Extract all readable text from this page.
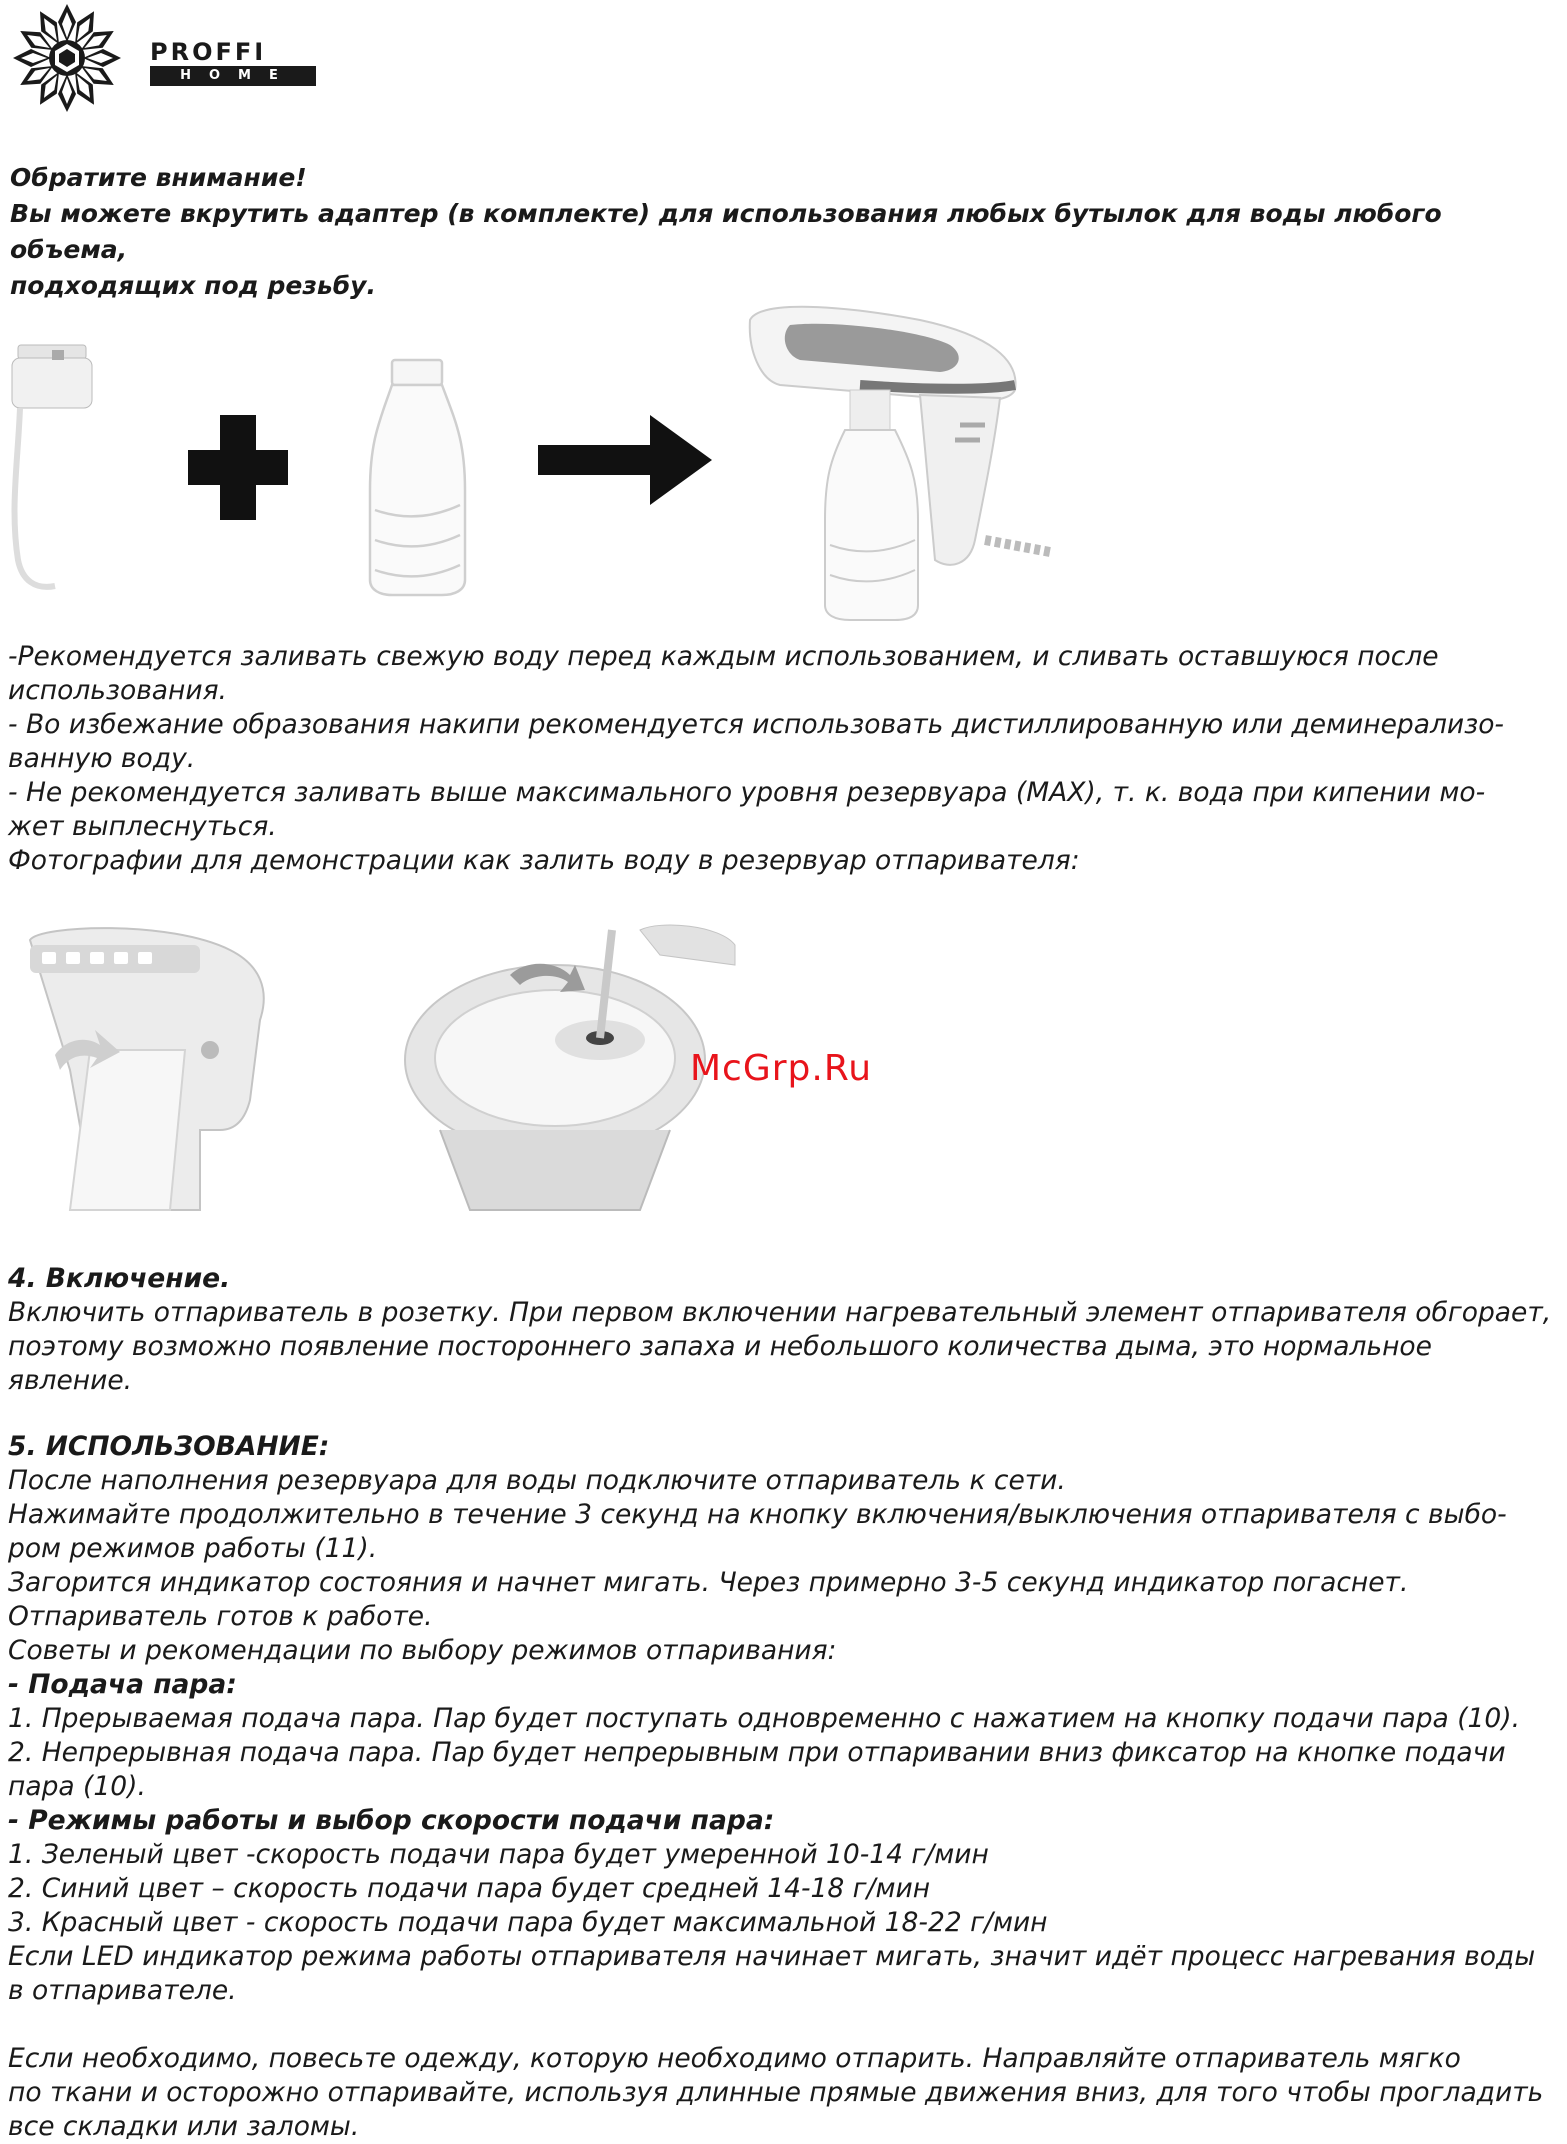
PROFFI
HOME
Обратите внимание!
Вы можете вкрутить адаптер (в комплекте) для использования любых бутылок для воды любого объема,
подходящих под резьбу.

-Рекомендуется заливать свежую воду перед каждым использованием, и сливать оставшуюся после

использования.

- Во избежание образования накипи рекомендуется использовать дистиллированную или деминерализо-

ванную воду.

- Не рекомендуется заливать выше максимального уровня резервуара (MAX), т. к. вода при кипении мо-

жет выплеснуться.

Фотографии для демонстрации как залить воду в резервуар отпаривателя:

McGrp.Ru

4. Включение.

Включить отпариватель в розетку. При первом включении нагревательный элемент отпаривателя обгорает,

поэтому возможно появление постороннего запаха и небольшого количества дыма, это нормальное

явление.

5. ИСПОЛЬЗОВАНИЕ:

После наполнения резервуара для воды подключите отпариватель к сети.

Нажимайте продолжительно в течение 3 секунд на кнопку включения/выключения отпаривателя с выбо-

ром режимов работы (11).

Загорится индикатор состояния и начнет мигать. Через примерно 3-5 секунд индикатор погаснет.

Отпариватель готов к работе.

Советы и рекомендации по выбору режимов отпаривания:

- Подача пара:

1. Прерываемая подача пара. Пар будет поступать одновременно с нажатием на кнопку подачи пара (10).

2. Непрерывная подача пара. Пар будет непрерывным при отпаривании вниз фиксатор на кнопке подачи

пара (10).

- Режимы работы и выбор скорости подачи пара:

1. Зеленый цвет -скорость подачи пара будет умеренной 10-14 г/мин

2. Синий цвет – скорость подачи пара будет средней 14-18 г/мин

3. Красный цвет - скорость подачи пара будет максимальной 18-22 г/мин

Если LED индикатор режима работы отпаривателя начинает мигать, значит идёт процесс нагревания воды

в отпаривателе.

Если необходимо, повесьте одежду, которую необходимо отпарить. Направляйте отпариватель мягко

по ткани и осторожно отпаривайте, используя длинные прямые движения вниз, для того чтобы прогладить

все складки или заломы.
